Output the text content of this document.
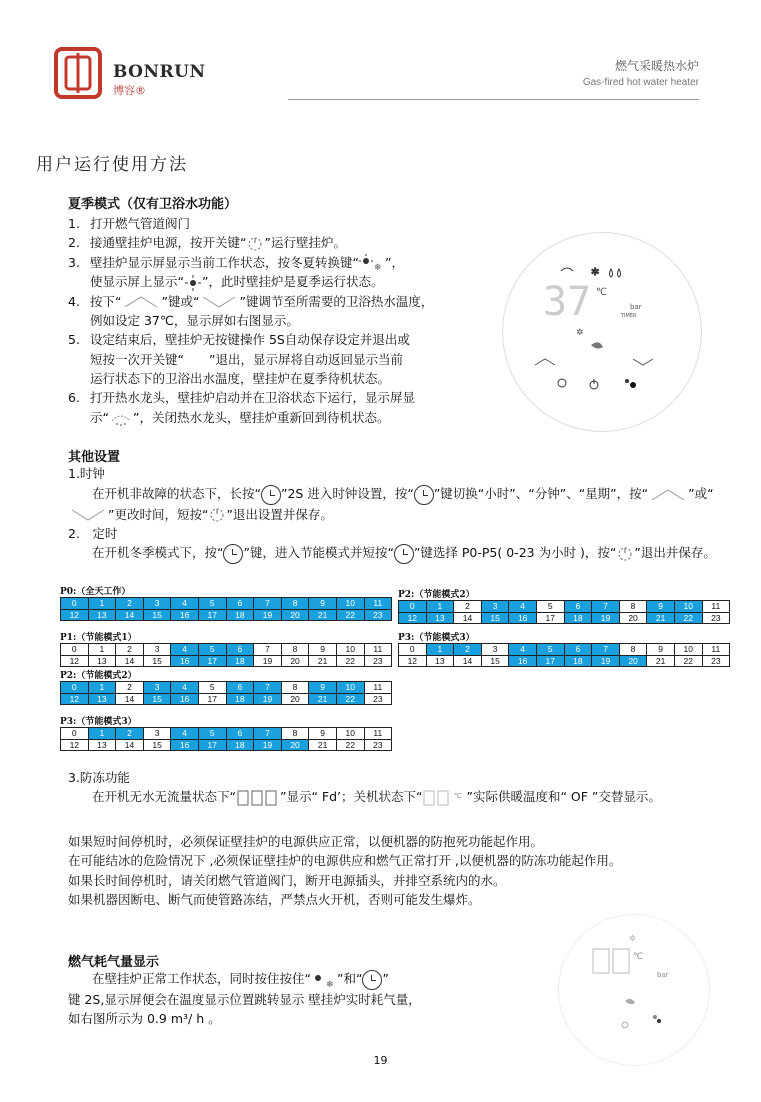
BONRUN
博容®
燃气采暖热水炉
Gas-fired hot water heater
用户运行使用方法
夏季模式（仅有卫浴水功能）
1. 打开燃气管道阀门
2. 接通壁挂炉电源，按开关键“ ”运行壁挂炉。
3. 壁挂炉显示屏显示当前工作状态，按冬夏转换键“ ❄ ”，
使显示屏上显示“ ”，此时壁挂炉是夏季运行状态。
4. 按下“	”键或“	”键调节至所需要的卫浴热水温度，
例如设定 37℃，显示屏如右图显示。
5. 设定结束后，壁挂炉无按键操作 5S自动保存设定并退出或
短按一次开关键“　　”退出，显示屏将自动返回显示当前
运行状态下的卫浴出水温度，壁挂炉在夏季待机状态。
6. 打开热水龙头，壁挂炉启动并在卫浴状态下运行，显示屏显
示“ ”，关闭热水龙头，壁挂炉重新回到待机状态。
✲
37 ℃
bar
TIMER
✲
其他设置
1.时钟
在开机非故障的状态下，长按“ ”2S 进入时钟设置，按“ ”键切换“小时”、“分钟”、“星期”，按“	”或“”更改时间，短按“ ”退出设置并保存。
2.　定时
在开机冬季模式下，按“ ”键，进入节能模式并短按“ ”键选择 P0-P5( 0-23 为小时 )，按“ ”退出并保存。
P0:（全天工作）
0	1	2	3	4	5	6	7	8	9	10	11
12	13	14	15	16	17	18	19	20	21	22	23
P2:（节能模式2）
0	1	2	3	4	5	6	7	8	9	10	11
12	13	14	15	16	17	18	19	20	21	22	23
P1:（节能模式1）
0	1	2	3	4	5	6	7	8	9	10	11
12	13	14	15	16	17	18	19	20	21	22	23
P3:（节能模式3）
0	1	2	3	4	5	6	7	8	9	10	11
12	13	14	15	16	17	18	19	20	21	22	23
P2:（节能模式2）
0	1	2	3	4	5	6	7	8	9	10	11
12	13	14	15	16	17	18	19	20	21	22	23
P3:（节能模式3）
0	1	2	3	4	5	6	7	8	9	10	11
12	13	14	15	16	17	18	19	20	21	22	23
3.防冻功能
在开机无水无流量状态下“	”显示“ Fd’；关机状态下“	℃ ”实际供暖温度和“ OF ”交替显示。
如果短时间停机时，必须保证壁挂炉的电源供应正常，以便机器的防抱死功能起作用。
在可能结冰的危险情况下 ,必须保证壁挂炉的电源供应和燃气正常打开 ,以便机器的防冻功能起作用。
如果长时间停机时，请关闭燃气管道阀门，断开电源插头，并排空系统内的水。
如果机器因断电、断气而使管路冻结，严禁点火开机，否则可能发生爆炸。
燃气耗气量显示
在壁挂炉正常工作状态，同时按住按住“ ❄ ”和“ ”
键 2S,显示屏便会在温度显示位置跳转显示 壁挂炉实时耗气量，
如右图所示为 0.9 m³/ h 。
✲
℃
bar
19
